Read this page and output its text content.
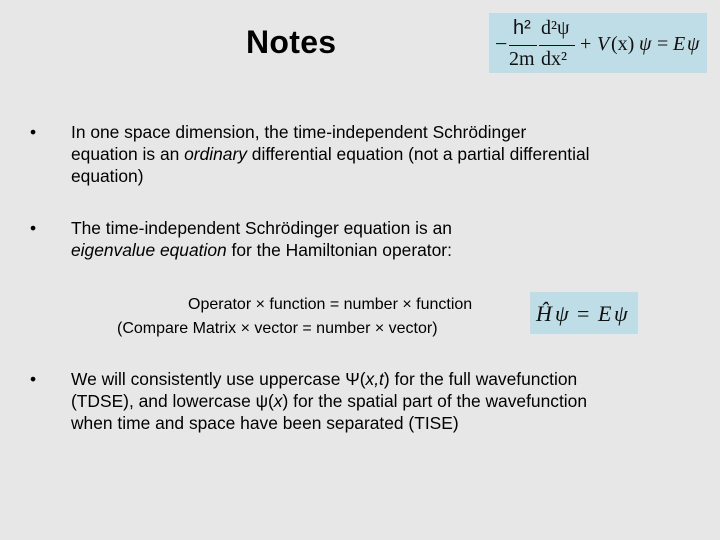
Notes	−
h²
2m
d²ψ
dx²
+ V (x) ψ = E ψ
• In one space dimension, the time-independent Schrödinger
equation is an ordinary differential equation (not a partial differential
equation)
• The time-independent Schrödinger equation is an
eigenvalue equation for the Hamiltonian operator:
Operator × function = number × function
(Compare Matrix × vector = number × vector)
Ĥ ψ = E ψ
• We will consistently use uppercase Ψ(x,t) for the full wavefunction
(TDSE), and lowercase ψ(x) for the spatial part of the wavefunction
when time and space have been separated (TISE)
